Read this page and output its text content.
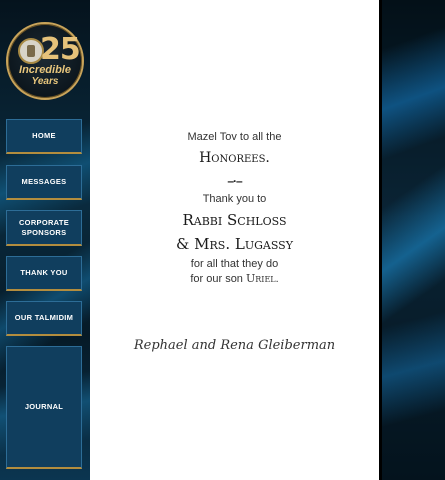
25
Incredible
Years
HOME
MESSAGES
CORPORATE
SPONSORS
THANK YOU
OUR TALMIDIM
JOURNAL
Mazel Tov to all the
Honorees.
–·–
Thank you to
Rabbi Schloss
& Mrs. Lugassy
for all that they do
for our son Uriel.
Rephael and Rena Gleiberman
